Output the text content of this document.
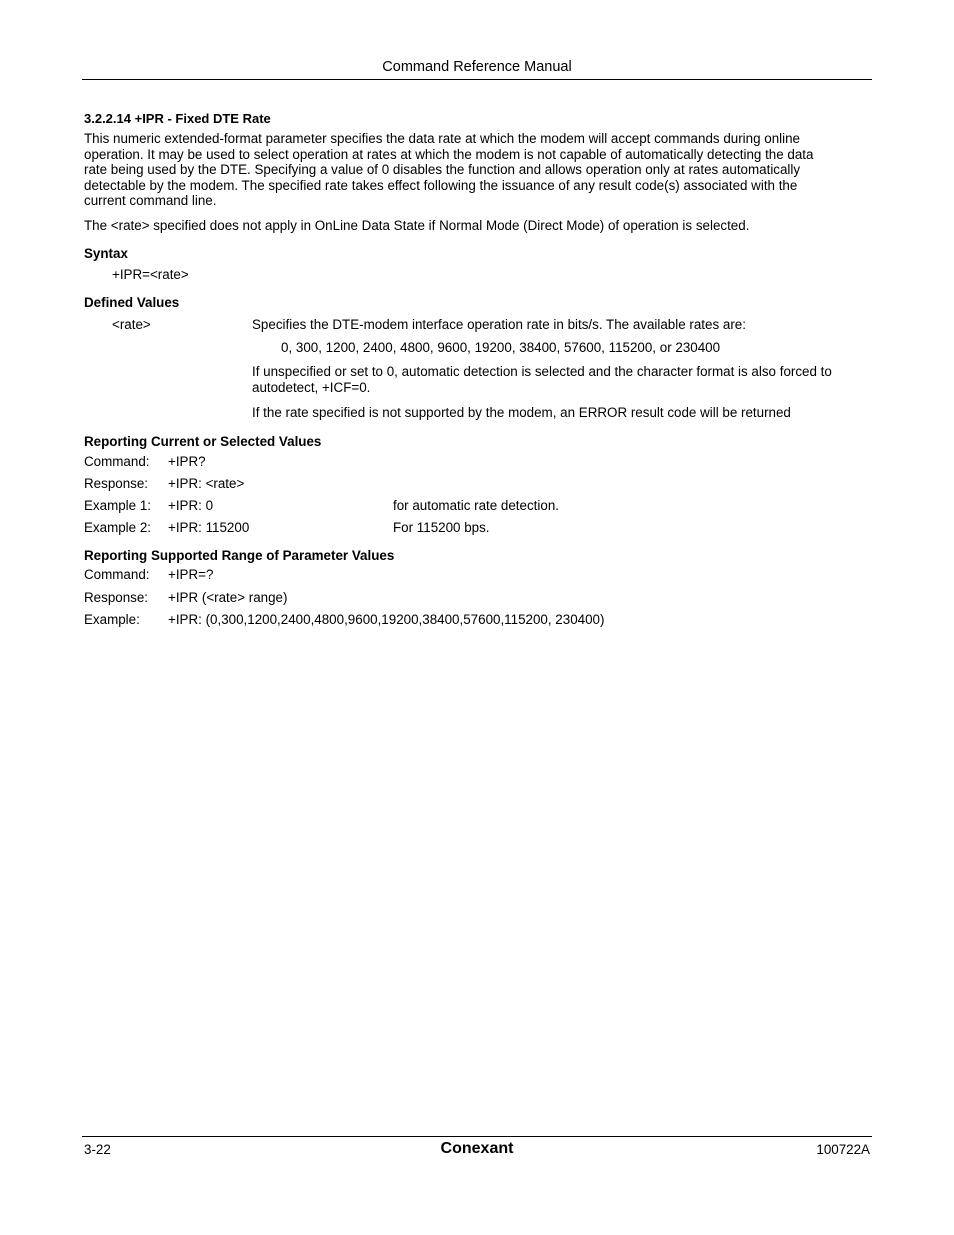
Command Reference Manual
3.2.2.14 +IPR - Fixed DTE Rate
This numeric extended-format parameter specifies the data rate at which the modem will accept commands during online
operation. It may be used to select operation at rates at which the modem is not capable of automatically detecting the data
rate being used by the DTE. Specifying a value of 0 disables the function and allows operation only at rates automatically
detectable by the modem. The specified rate takes effect following the issuance of any result code(s) associated with the
current command line.
The <rate> specified does not apply in OnLine Data State if Normal Mode (Direct Mode) of operation is selected.
Syntax
+IPR=<rate>
Defined Values
<rate>	Specifies the DTE-modem interface operation rate in bits/s. The available rates are:
0, 300, 1200, 2400, 4800, 9600, 19200, 38400, 57600, 115200, or 230400
If unspecified or set to 0, automatic detection is selected and the character format is also forced to
autodetect, +ICF=0.
If the rate specified is not supported by the modem, an ERROR result code will be returned
Reporting Current or Selected Values
Command: +IPR?
Response: +IPR: <rate>
Example 1: +IPR: 0	for automatic rate detection.
Example 2: +IPR: 115200	For 115200 bps.
Reporting Supported Range of Parameter Values
Command: +IPR=?
Response: +IPR (<rate> range)
Example: +IPR: (0,300,1200,2400,4800,9600,19200,38400,57600,115200, 230400)
3-22	Conexant	100722A
